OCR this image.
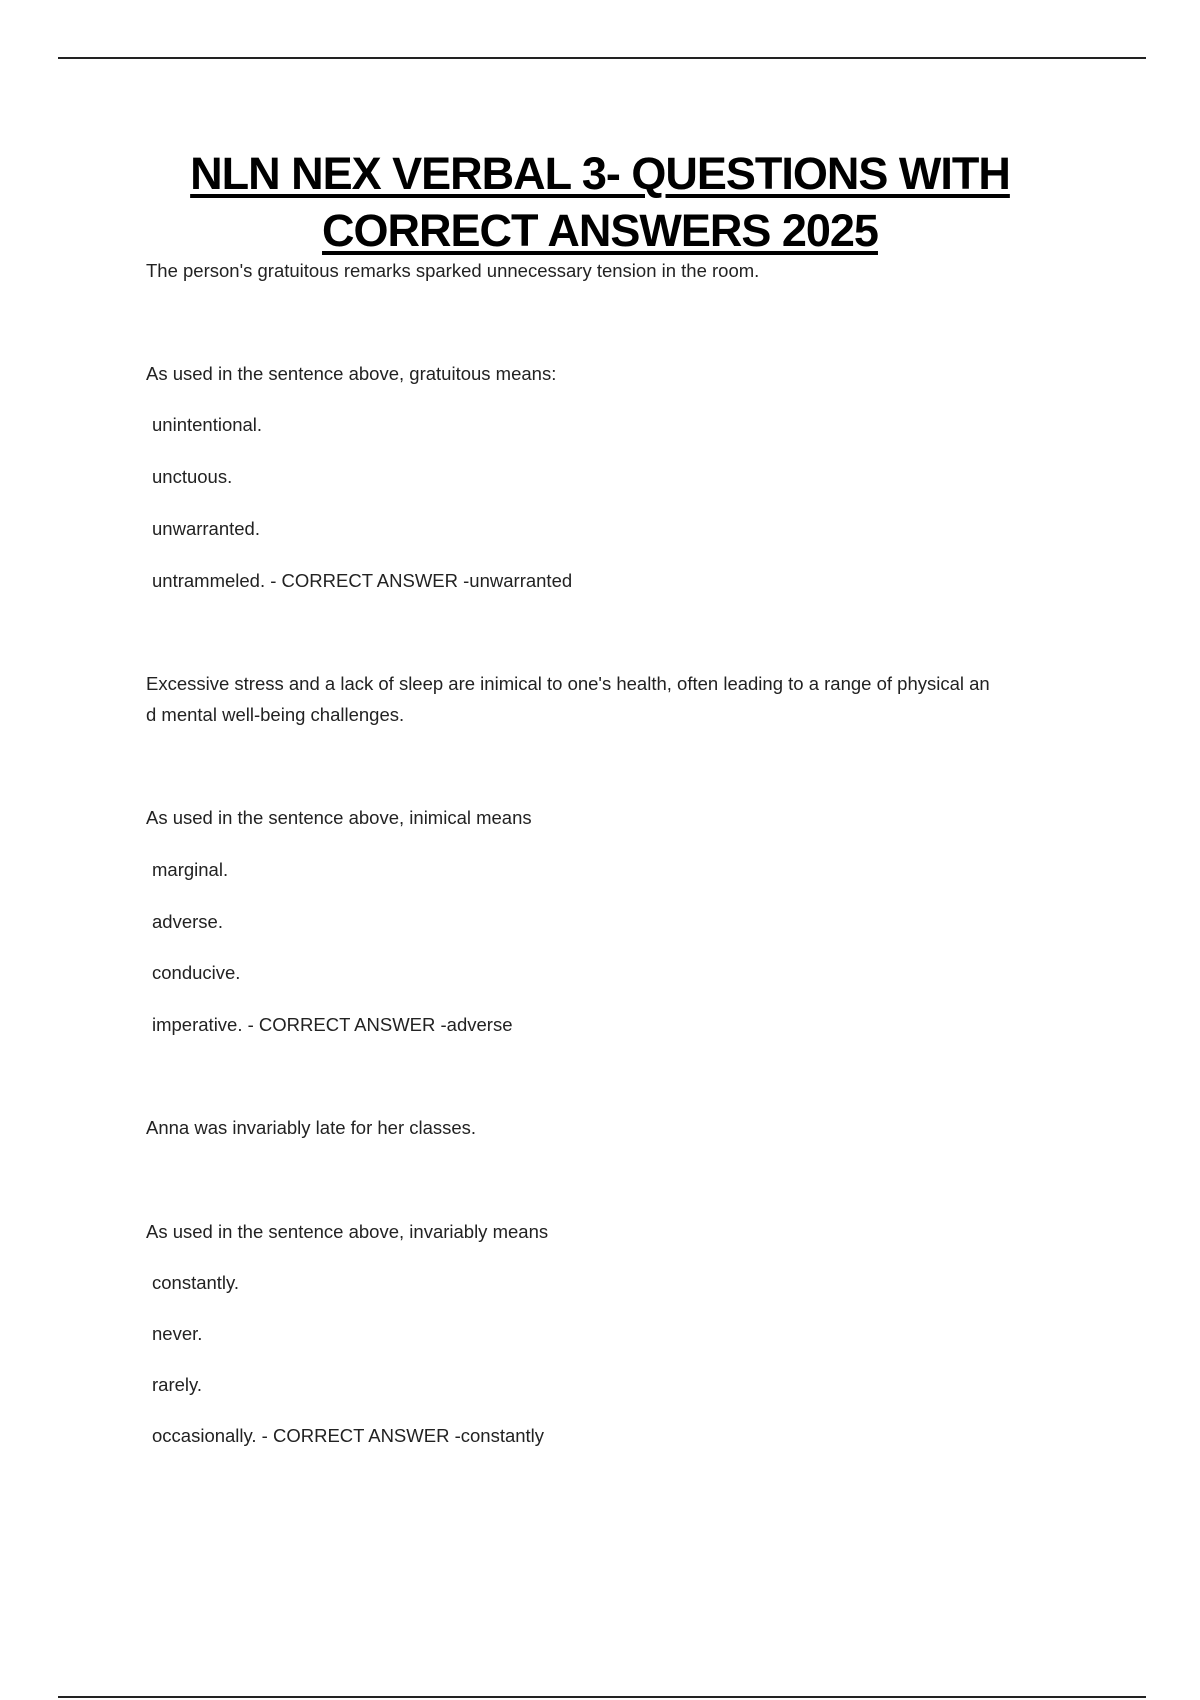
NLN NEX VERBAL 3- QUESTIONS WITH
CORRECT ANSWERS 2025
The person's gratuitous remarks sparked unnecessary tension in the room.
As used in the sentence above, gratuitous means:
unintentional.
unctuous.
unwarranted.
untrammeled. - CORRECT ANSWER -unwarranted
Excessive stress and a lack of sleep are inimical to one's health, often leading to a range of physical an
d mental well-being challenges.
As used in the sentence above, inimical means
marginal.
adverse.
conducive.
imperative. - CORRECT ANSWER -adverse
Anna was invariably late for her classes.
As used in the sentence above, invariably means
constantly.
never.
rarely.
occasionally. - CORRECT ANSWER -constantly
